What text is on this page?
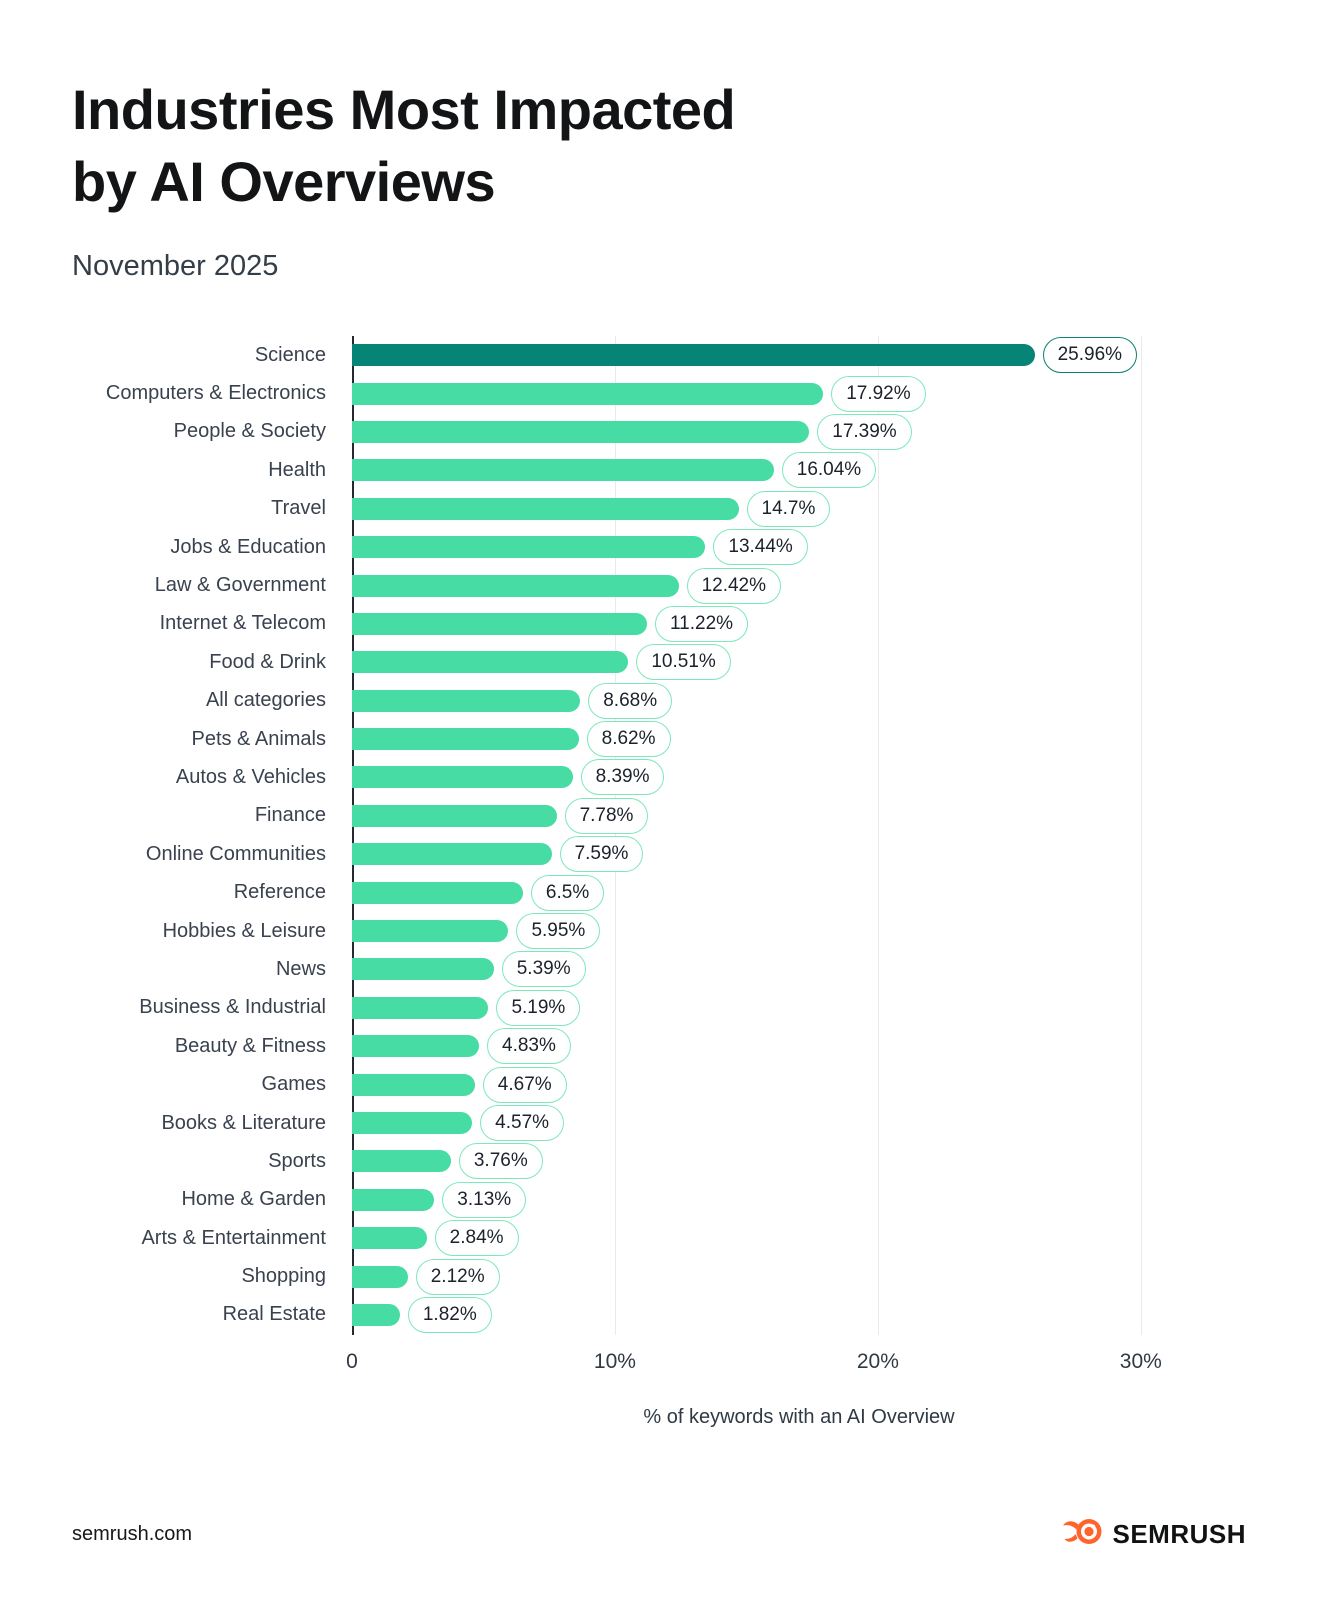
Industries Most Impacted
by AI Overviews
November 2025
Science	25.96%
Computers & Electronics	17.92%
People & Society	17.39%
Health	16.04%
Travel	14.7%
Jobs & Education	13.44%
Law & Government	12.42%
Internet & Telecom	11.22%
Food & Drink	10.51%
All categories	8.68%
Pets & Animals	8.62%
Autos & Vehicles	8.39%
Finance	7.78%
Online Communities	7.59%
Reference	6.5%
Hobbies & Leisure	5.95%
News	5.39%
Business & Industrial	5.19%
Beauty & Fitness	4.83%
Games	4.67%
Books & Literature	4.57%
Sports	3.76%
Home & Garden	3.13%
Arts & Entertainment	2.84%
Shopping	2.12%
Real Estate	1.82%
0	10%	20%	30%
% of keywords with an AI Overview
semrush.com	SEMRUSH
